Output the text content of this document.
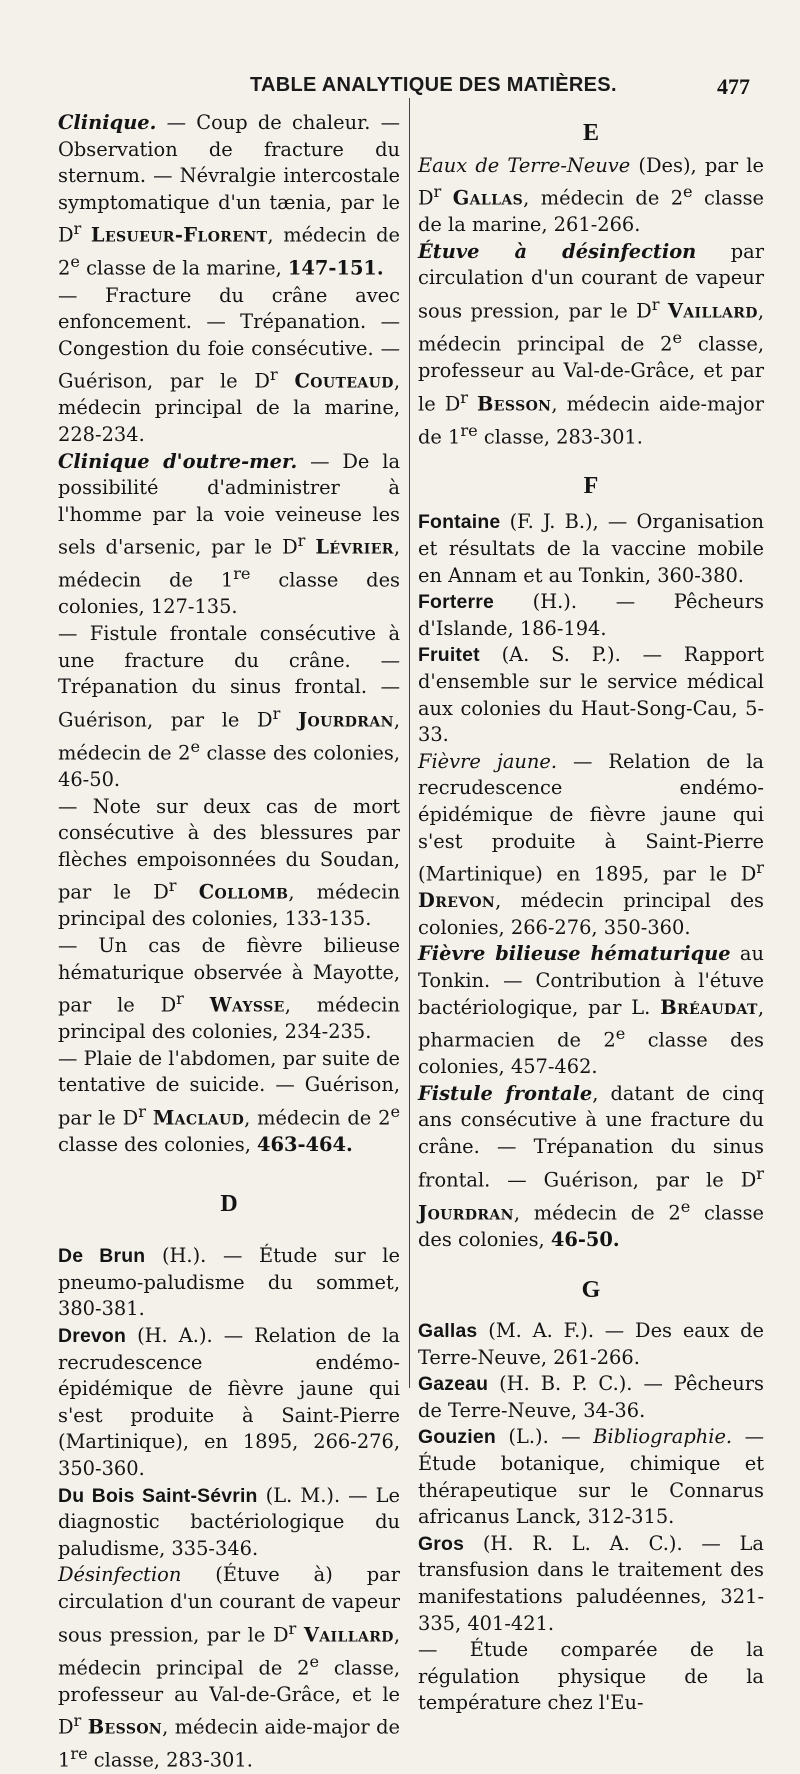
TABLE ANALYTIQUE DES MATIÈRES.	477

Clinique. — Coup de chaleur. — Observation de fracture du sternum. — Névralgie intercostale symptomatique d'un tænia, par le $D^r$ Lesueur-Florent, médecin de 2e classe de la marine, 147-151.

— Fracture du crâne avec enfoncement. — Trépanation. — Congestion du foie consécutive. — Guérison, par le $D^r$ Couteaud, médecin principal de la marine, 228-234.

Clinique d'outre-mer. — De la possibilité d'administrer à l'homme par la voie veineuse les sels d'arsenic, par le $D^r$ Lévrier, médecin de 1re classe des colonies, 127-135.

— Fistule frontale consécutive à une fracture du crâne. — Trépanation du sinus frontal. — Guérison, par le $D^r$ Jourdran, médecin de 2e classe des colonies, 46-50.

— Note sur deux cas de mort consécutive à des blessures par flèches empoisonnées du Soudan, par le $D^r$ Collomb, médecin principal des colonies, 133-135.

— Un cas de fièvre bilieuse hématurique observée à Mayotte, par le $D^r$ Waysse, médecin principal des colonies, 234-235.

— Plaie de l'abdomen, par suite de tentative de suicide. — Guérison, par le $D^r$ Maclaud, médecin de 2e classe des colonies, 463-464.

D

De Brun (H.). — Étude sur le pneumo-paludisme du sommet, 380-381.

Drevon (H. A.). — Relation de la recrudescence endémo-épidémique de fièvre jaune qui s'est produite à Saint-Pierre (Martinique), en 1895, 266-276, 350-360.

Du Bois Saint-Sévrin (L. M.). — Le diagnostic bactériologique du paludisme, 335-346.

Désinfection (Étuve à) par circulation d'un courant de vapeur sous pression, par le $D^r$ Vaillard, médecin principal de 2e classe, professeur au Val-de-Grâce, et le $D^r$ Besson, médecin aide-major de 1re classe, 283-301.

E

Eaux de Terre-Neuve (Des), par le $D^r$ Gallas, médecin de 2e classe de la marine, 261-266.

Étuve à désinfection par circulation d'un courant de vapeur sous pression, par le $D^r$ Vaillard, médecin principal de 2e classe, professeur au Val-de-Grâce, et par le $D^r$ Besson, médecin aide-major de 1re classe, 283-301.

F

Fontaine (F. J. B.), — Organisation et résultats de la vaccine mobile en Annam et au Tonkin, 360-380.

Forterre (H.). — Pêcheurs d'Islande, 186-194.

Fruitet (A. S. P.). — Rapport d'ensemble sur le service médical aux colonies du Haut-Song-Cau, 5-33.

Fièvre jaune. — Relation de la recrudescence endémo-épidémique de fièvre jaune qui s'est produite à Saint-Pierre (Martinique) en 1895, par le $D^r$ Drevon, médecin principal des colonies, 266-276, 350-360.

Fièvre bilieuse hématurique au Tonkin. — Contribution à l'étuve bactériologique, par L. Bréaudat, pharmacien de 2e classe des colonies, 457-462.

Fistule frontale, datant de cinq ans consécutive à une fracture du crâne. — Trépanation du sinus frontal. — Guérison, par le $D^r$ Jourdran, médecin de 2e classe des colonies, 46-50.

G

Gallas (M. A. F.). — Des eaux de Terre-Neuve, 261-266.

Gazeau (H. B. P. C.). — Pêcheurs de Terre-Neuve, 34-36.

Gouzien (L.). — Bibliographie. — Étude botanique, chimique et thérapeutique sur le Connarus africanus Lanck, 312-315.

Gros (H. R. L. A. C.). — La transfusion dans le traitement des manifestations paludéennes, 321-335, 401-421.

— Étude comparée de la régulation physique de la température chez l'Eu-
